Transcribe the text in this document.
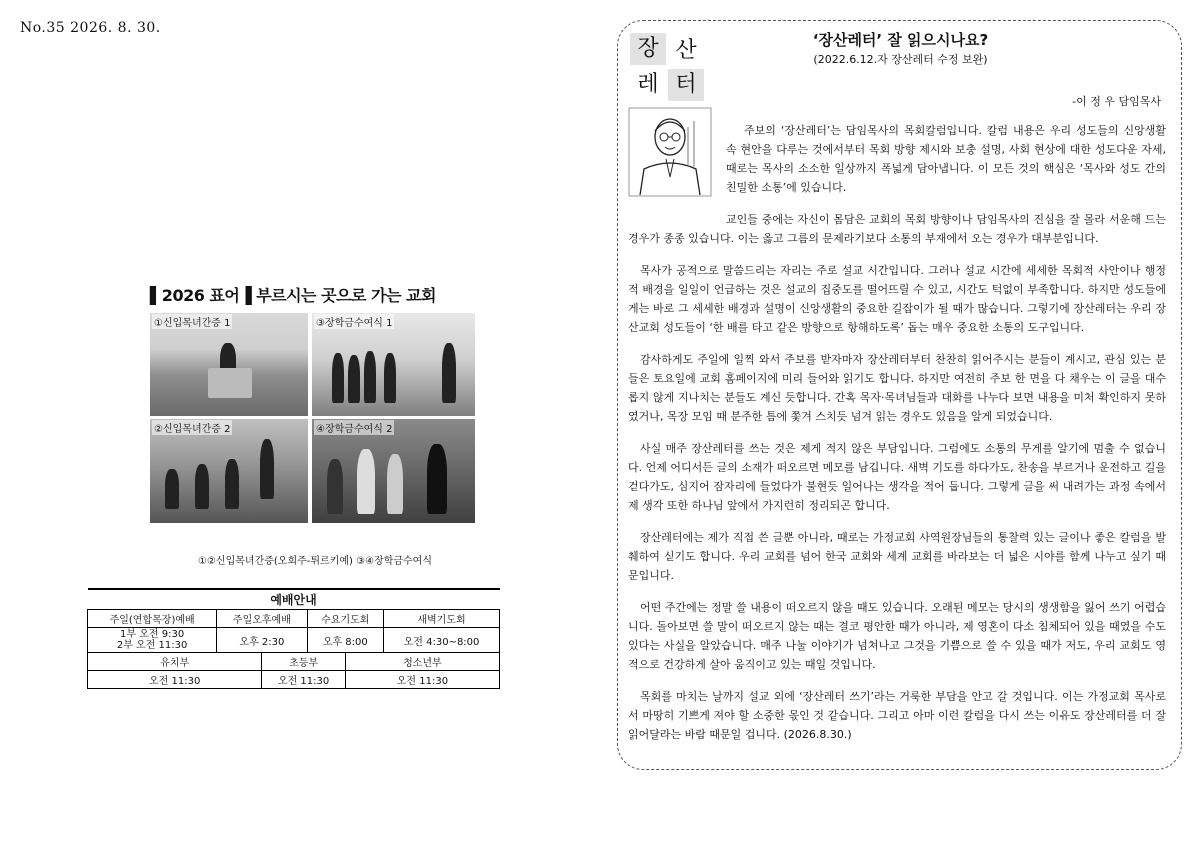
No.35 2026. 8. 30.
▌2026 표어▐ 부르시는 곳으로 가는 교회
①신입목녀간증 1	③장학금수여식 1
②신입목녀간증 2	④장학금수여식 2
①②신입목녀간증(오희주-튀르키예) ③④장학금수여식
예배안내					
주일(연합목장)예배	주일오후예배		수요기도회		새벽기도회

1부 오전 9:30
2부 오전 11:30	오후 2:30		오후 8:00		오전 4:30~8:00
유치부		초등부		청소년부	
오전 11:30		오전 11:30		오전 11:30	
장 산
레 터
‘장산레터’ 잘 읽으시나요?
(2022.6.12.자 장산레터 수정 보완)
-이 정 우 담임목사

주보의 ‘장산레터’는 담임목사의 목회칼럼입니다. 칼럼 내용은 우리 성도들의 신앙생활 속 현안을 다루는 것에서부터 목회 방향 제시와 보충 설명, 사회 현상에 대한 성도다운 자세, 때로는 목사의 소소한 일상까지 폭넓게 담아냅니다. 이 모든 것의 핵심은 ‘목사와 성도 간의 친밀한 소통’에 있습니다.

교인들 중에는 자신이 몸담은 교회의 목회 방향이나 담임목사의 진심을 잘 몰라 서운해 드는 경우가 종종 있습니다. 이는 옳고 그름의 문제라기보다 소통의 부재에서 오는 경우가 대부분입니다.

목사가 공적으로 말씀드리는 자리는 주로 설교 시간입니다. 그러나 설교 시간에 세세한 목회적 사안이나 행정적 배경을 일일이 언급하는 것은 설교의 집중도를 떨어뜨릴 수 있고, 시간도 턱없이 부족합니다. 하지만 성도들에게는 바로 그 세세한 배경과 설명이 신앙생활의 중요한 길잡이가 될 때가 많습니다. 그렇기에 장산레터는 우리 장산교회 성도들이 ‘한 배를 타고 같은 방향으로 항해하도록’ 돕는 매우 중요한 소통의 도구입니다.

감사하게도 주일에 일찍 와서 주보를 받자마자 장산레터부터 찬찬히 읽어주시는 분들이 계시고, 관심 있는 분들은 토요일에 교회 홈페이지에 미리 들어와 읽기도 합니다. 하지만 여전히 주보 한 면을 다 채우는 이 글을 대수롭지 않게 지나치는 분들도 계신 듯합니다. 간혹 목자·목녀님들과 대화를 나누다 보면 내용을 미처 확인하지 못하였거나, 목장 모임 때 분주한 틈에 쫓겨 스치듯 넘겨 읽는 경우도 있음을 알게 되었습니다.

사실 매주 장산레터를 쓰는 것은 제게 적지 않은 부담입니다. 그럼에도 소통의 무게를 알기에 멈출 수 없습니다. 언제 어디서든 글의 소재가 떠오르면 메모를 남깁니다. 새벽 기도를 하다가도, 찬송을 부르거나 운전하고 길을 걷다가도, 심지어 잠자리에 들었다가 불현듯 일어나는 생각을 적어 둡니다. 그렇게 글을 써 내려가는 과정 속에서 제 생각 또한 하나님 앞에서 가지런히 정리되곤 합니다.

장산레터에는 제가 직접 쓴 글뿐 아니라, 때로는 가정교회 사역원장님들의 통찰력 있는 글이나 좋은 칼럼을 발췌하여 싣기도 합니다. 우리 교회를 넘어 한국 교회와 세계 교회를 바라보는 더 넓은 시야를 함께 나누고 싶기 때문입니다.

어떤 주간에는 정말 쓸 내용이 떠오르지 않을 때도 있습니다. 오래된 메모는 당시의 생생함을 잃어 쓰기 어렵습니다. 돌아보면 쓸 말이 떠오르지 않는 때는 결코 평안한 때가 아니라, 제 영혼이 다소 침체되어 있을 때였을 수도 있다는 사실을 알았습니다. 매주 나눌 이야기가 넘쳐나고 그것을 기쁨으로 쓸 수 있을 때가 저도, 우리 교회도 영적으로 건강하게 살아 움직이고 있는 때일 것입니다.

목회를 마치는 날까지 설교 외에 ‘장산레터 쓰기’라는 거룩한 부담을 안고 갈 것입니다. 이는 가정교회 목사로서 마땅히 기쁘게 져야 할 소중한 몫인 것 같습니다. 그리고 아마 이런 칼럼을 다시 쓰는 이유도 장산레터를 더 잘 읽어달라는 바람 때문일 겁니다. (2026.8.30.)
